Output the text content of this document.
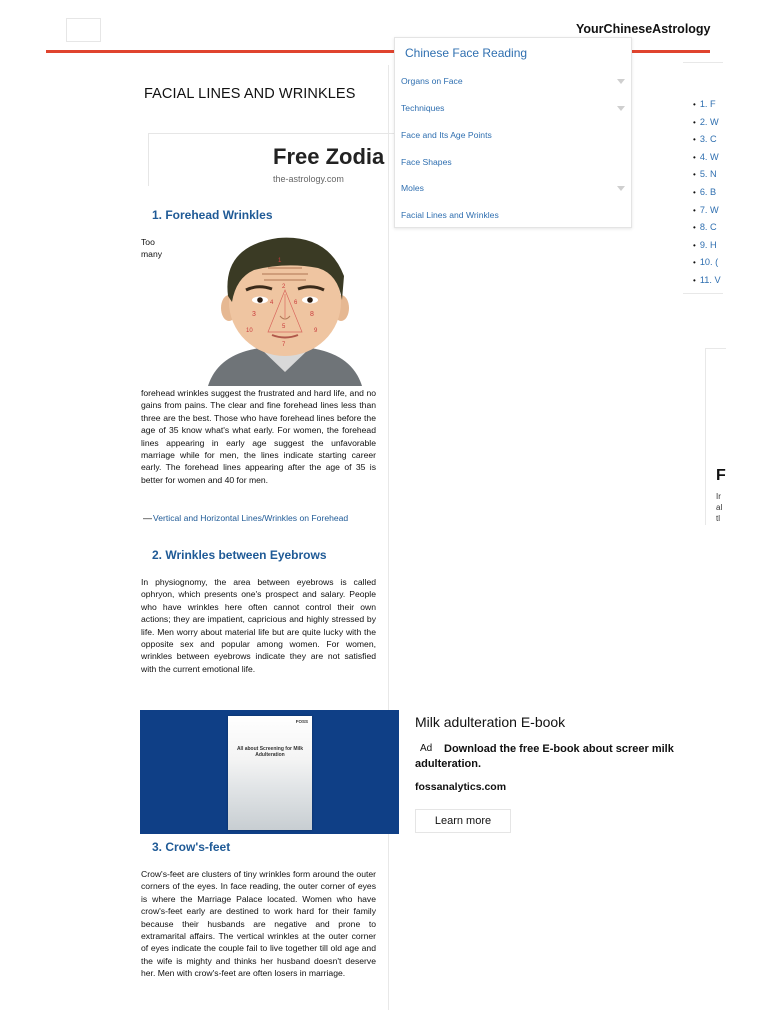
YourChineseAstrology
FACIAL LINES AND WRINKLES
Free Zodia
the-astrology.com
1. Forehead Wrinkles
Too many
3	8
4	6
5
1
2
10	9
7
forehead wrinkles suggest the frustrated and hard life, and no gains from pains. The clear and fine forehead lines less than three are the best. Those who have forehead lines before the age of 35 know what's what early. For women, the forehead lines appearing in early age suggest the unfavorable marriage while for men, the lines indicate starting career early. The forehead lines appearing after the age of 35 is better for women and 40 for men.
— Vertical and Horizontal Lines/Wrinkles on Forehead
2. Wrinkles between Eyebrows
In physiognomy, the area between eyebrows is called ophryon, which presents one's prospect and salary. People who have wrinkles here often cannot control their own actions; they are impatient, capricious and highly stressed by life. Men worry about material life but are quite lucky with the opposite sex and popular among women. For women, wrinkles between eyebrows indicate they are not satisfied with the current emotional life.
FOSS
All about Screening for Milk Adulteration
Milk adulteration E-book
Download the free E-book about screer milk adulteration.
Ad
fossanalytics.com
Learn more
3. Crow's-feet
Crow's-feet are clusters of tiny wrinkles form around the outer corners of the eyes. In face reading, the outer corner of eyes is where the Marriage Palace located. Women who have crow's-feet early are destined to work hard for their family because their husbands are negative and prone to extramarital affairs. The vertical wrinkles at the outer corner of eyes indicate the couple fail to live together till old age and the wife is mighty and thinks her husband doesn't deserve her. Men with crow's-feet are often losers in marriage.
Chinese Face Reading
Organs on Face
Techniques
Face and Its Age Points
Face Shapes
Moles
Facial Lines and Wrinkles
• 1. F
• 2. W
• 3. C
• 4. W
• 5. N
• 6. B
• 7. W
• 8. C
• 9. H
• 10. (
• 11. V
F
Ir
al
tl
